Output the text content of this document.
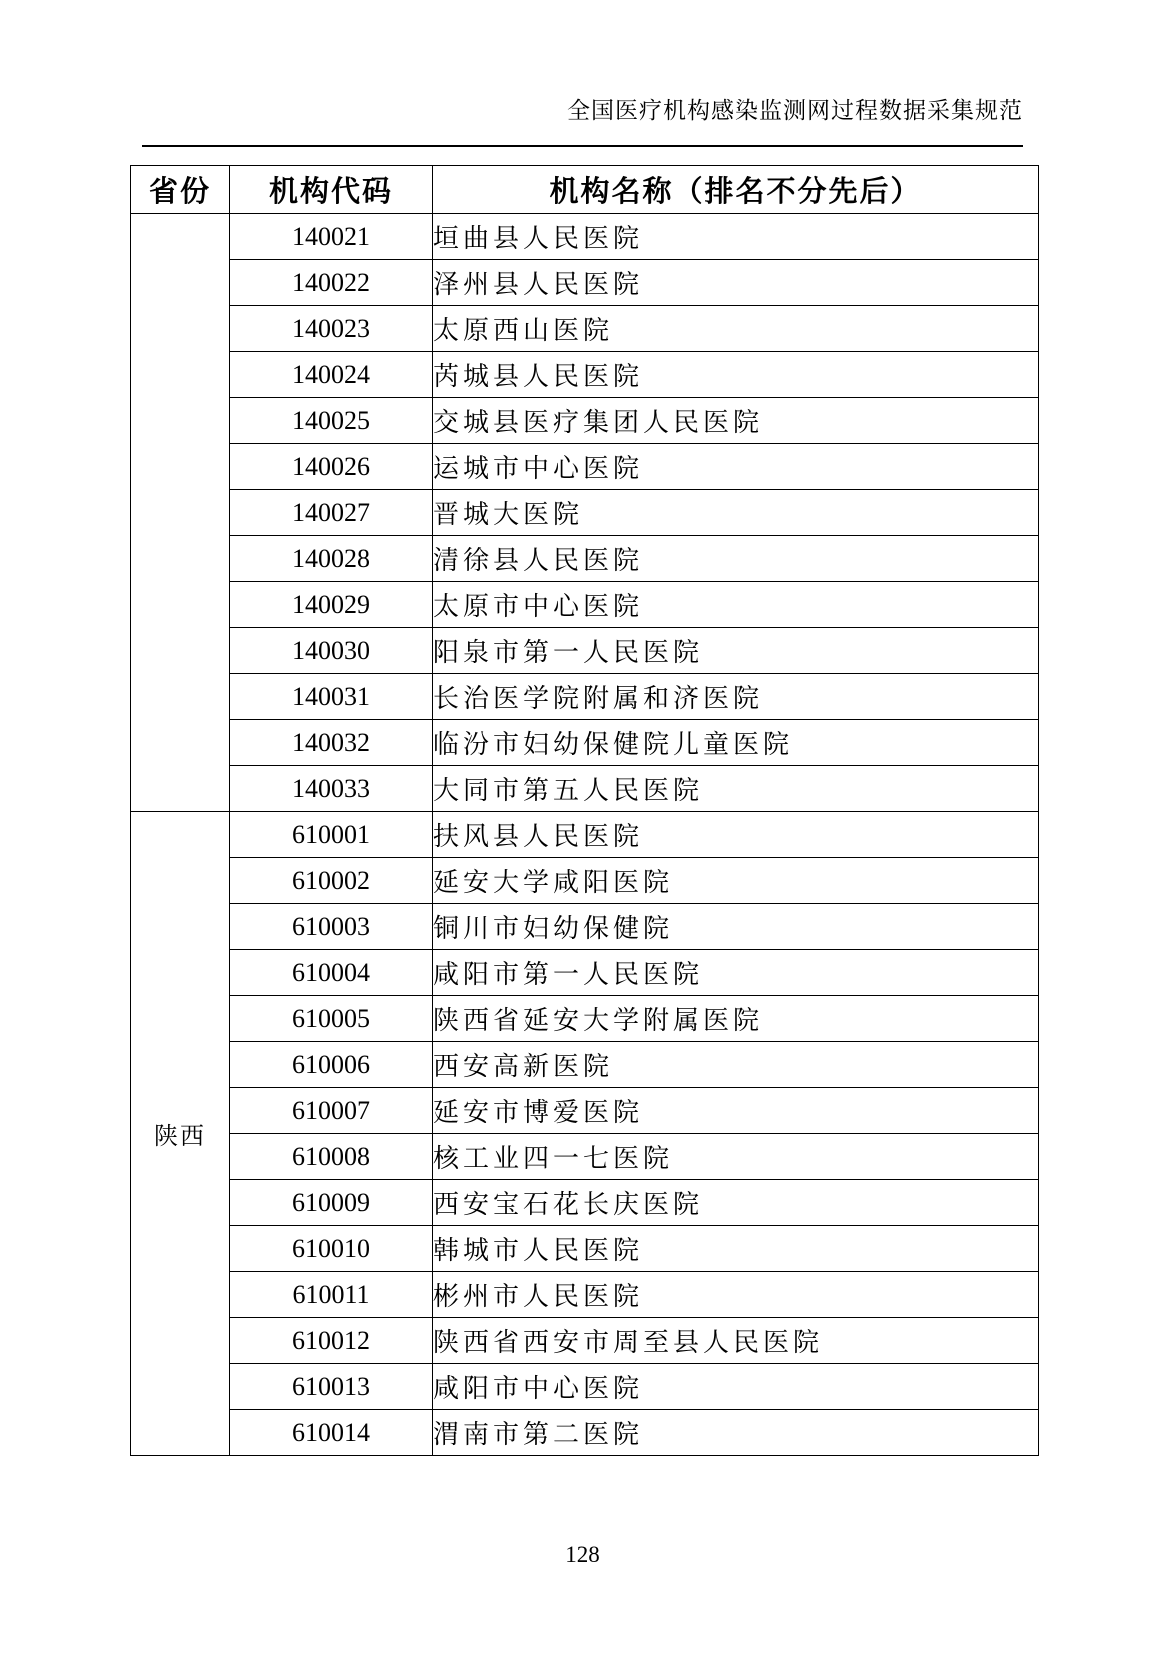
全国医疗机构感染监测网过程数据采集规范
省份	机构代码	机构名称（排名不分先后）
	140021	垣曲县人民医院
	140022	泽州县人民医院
	140023	太原西山医院
	140024	芮城县人民医院
	140025	交城县医疗集团人民医院
	140026	运城市中心医院
	140027	晋城大医院
	140028	清徐县人民医院
	140029	太原市中心医院
	140030	阳泉市第一人民医院
	140031	长治医学院附属和济医院
	140032	临汾市妇幼保健院儿童医院
	140033	大同市第五人民医院
陕西	610001	扶风县人民医院
	610002	延安大学咸阳医院
	610003	铜川市妇幼保健院
	610004	咸阳市第一人民医院
	610005	陕西省延安大学附属医院
	610006	西安高新医院
	610007	延安市博爱医院
	610008	核工业四一七医院
	610009	西安宝石花长庆医院
	610010	韩城市人民医院
	610011	彬州市人民医院
	610012	陕西省西安市周至县人民医院
	610013	咸阳市中心医院
	610014	渭南市第二医院
128
